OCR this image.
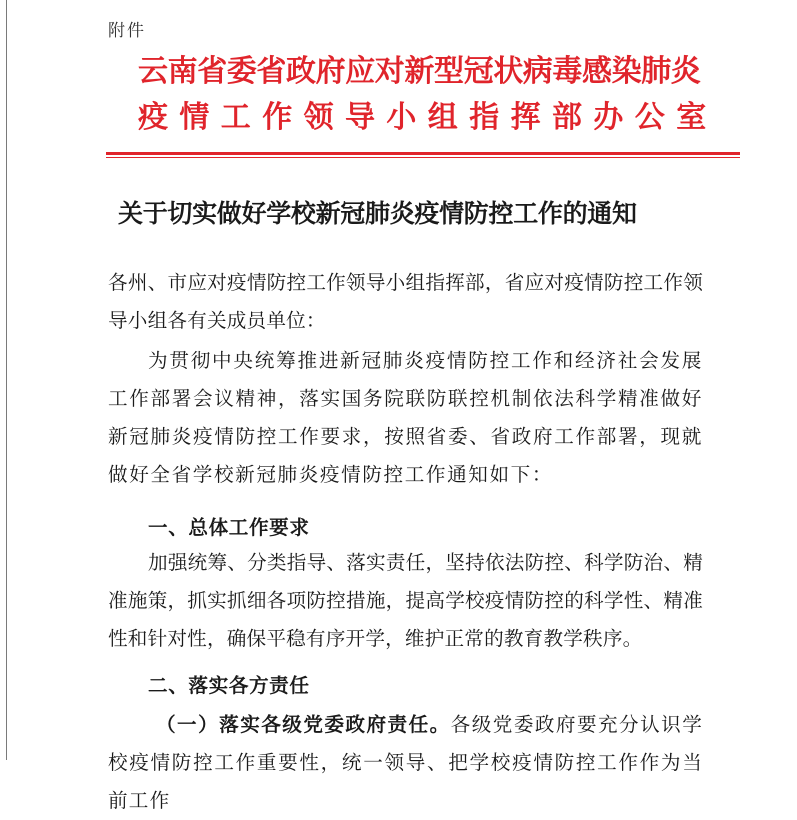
附件
云南省委省政府应对新型冠状病毒感染肺炎
疫情工作领导小组指挥部办公室
关于切实做好学校新冠肺炎疫情防控工作的通知
各州、市应对疫情防控工作领导小组指挥部，省应对疫情防控工作领导小组各有关成员单位：
为贯彻中央统筹推进新冠肺炎疫情防控工作和经济社会发展工作部署会议精神，落实国务院联防联控机制依法科学精准做好新冠肺炎疫情防控工作要求，按照省委、省政府工作部署，现就做好全省学校新冠肺炎疫情防控工作通知如下：
一、总体工作要求
加强统筹、分类指导、落实责任，坚持依法防控、科学防治、精准施策，抓实抓细各项防控措施，提高学校疫情防控的科学性、精准性和针对性，确保平稳有序开学，维护正常的教育教学秩序。
二、落实各方责任
（一）落实各级党委政府责任。各级党委政府要充分认识学校疫情防控工作重要性，统一领导、把学校疫情防控工作作为当前工作
